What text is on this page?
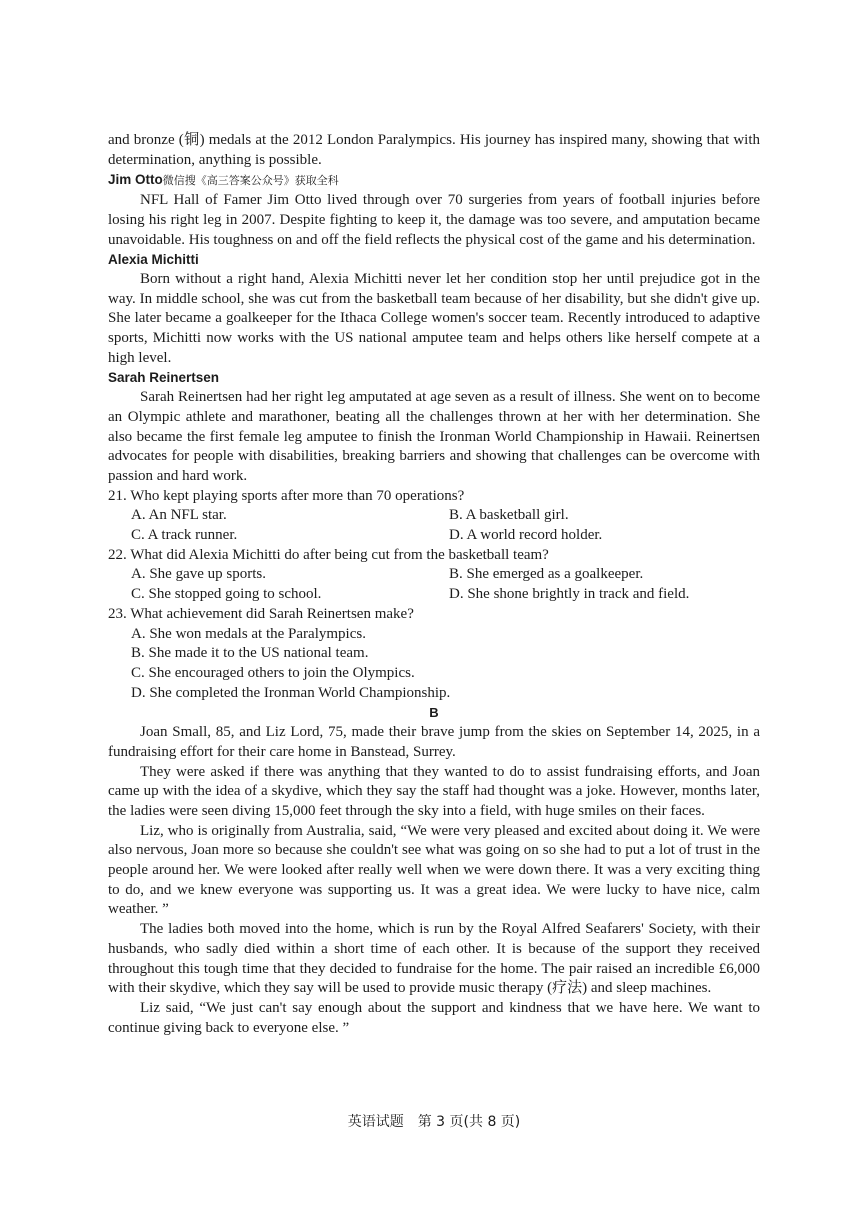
and bronze (铜) medals at the 2012 London Paralympics. His journey has inspired many, showing that with determination, anything is possible.
Jim Otto微信搜《高三答案公众号》获取全科
NFL Hall of Famer Jim Otto lived through over 70 surgeries from years of football injuries before losing his right leg in 2007. Despite fighting to keep it, the damage was too severe, and amputation became unavoidable. His toughness on and off the field reflects the physical cost of the game and his determination.
Alexia Michitti
Born without a right hand, Alexia Michitti never let her condition stop her until prejudice got in the way. In middle school, she was cut from the basketball team because of her disability, but she didn't give up. She later became a goalkeeper for the Ithaca College women's soccer team. Recently introduced to adaptive sports, Michitti now works with the US national amputee team and helps others like herself compete at a high level.
Sarah Reinertsen
Sarah Reinertsen had her right leg amputated at age seven as a result of illness. She went on to become an Olympic athlete and marathoner, beating all the challenges thrown at her with her determination. She also became the first female leg amputee to finish the Ironman World Championship in Hawaii. Reinertsen advocates for people with disabilities, breaking barriers and showing that challenges can be overcome with passion and hard work.
21. Who kept playing sports after more than 70 operations?
A. An NFL star.	B. A basketball girl.
C. A track runner.	D. A world record holder.
22. What did Alexia Michitti do after being cut from the basketball team?
A. She gave up sports.	B. She emerged as a goalkeeper.
C. She stopped going to school.	D. She shone brightly in track and field.
23. What achievement did Sarah Reinertsen make?
A. She won medals at the Paralympics.
B. She made it to the US national team.
C. She encouraged others to join the Olympics.
D. She completed the Ironman World Championship.
B
Joan Small, 85, and Liz Lord, 75, made their brave jump from the skies on September 14, 2025, in a fundraising effort for their care home in Banstead, Surrey.
They were asked if there was anything that they wanted to do to assist fundraising efforts, and Joan came up with the idea of a skydive, which they say the staff had thought was a joke. However, months later, the ladies were seen diving 15,000 feet through the sky into a field, with huge smiles on their faces.
Liz, who is originally from Australia, said, “We were very pleased and excited about doing it. We were also nervous, Joan more so because she couldn't see what was going on so she had to put a lot of trust in the people around her. We were looked after really well when we were down there. It was a very exciting thing to do, and we knew everyone was supporting us. It was a great idea. We were lucky to have nice, calm weather. ”
The ladies both moved into the home, which is run by the Royal Alfred Seafarers' Society, with their husbands, who sadly died within a short time of each other. It is because of the support they received throughout this tough time that they decided to fundraise for the home. The pair raised an incredible £6,000 with their skydive, which they say will be used to provide music therapy (疗法) and sleep machines.
Liz said, “We just can't say enough about the support and kindness that we have here. We want to continue giving back to everyone else. ”
英语试题　第 3 页(共 8 页)
